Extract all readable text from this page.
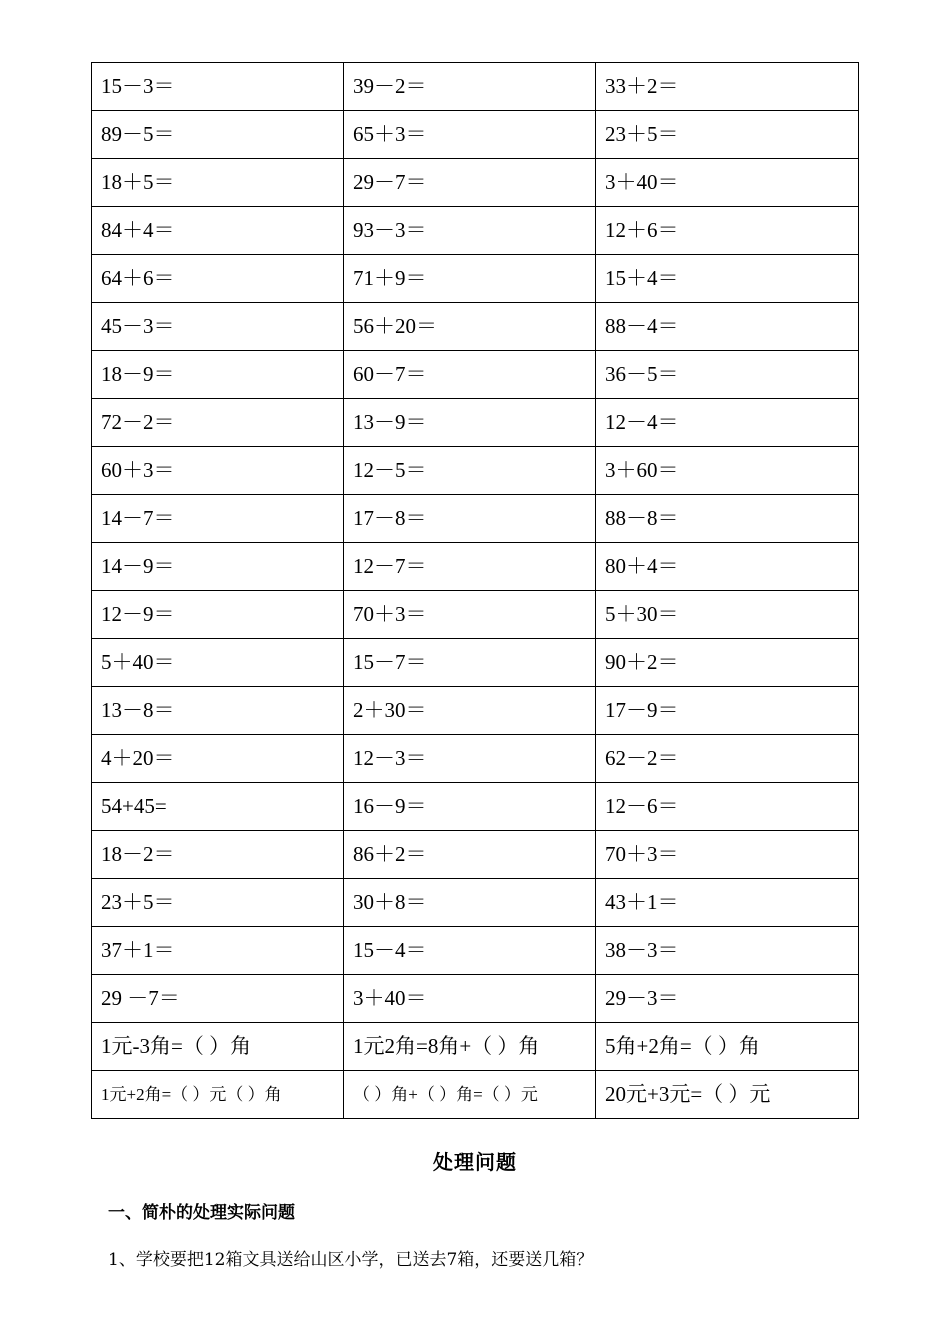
15－3＝	39－2＝	33＋2＝
89－5＝	65＋3＝	23＋5＝
18＋5＝	29－7＝	3＋40＝
84＋4＝	93－3＝	12＋6＝
64＋6＝	71＋9＝	15＋4＝
45－3＝	56＋20＝	88－4＝
18－9＝	60－7＝	36－5＝
72－2＝	13－9＝	12－4＝
60＋3＝	12－5＝	3＋60＝
14－7＝	17－8＝	88－8＝
14－9＝	12－7＝	80＋4＝
12－9＝	70＋3＝	5＋30＝
5＋40＝	15－7＝	90＋2＝
13－8＝	2＋30＝	17－9＝
4＋20＝	12－3＝	62－2＝
54+45=	16－9＝	12－6＝
18－2＝	86＋2＝	70＋3＝
23＋5＝	30＋8＝	43＋1＝
37＋1＝	15－4＝	38－3＝
29 －7＝	3＋40＝	29－3＝
1元-3角=（ ）角	1元2角=8角+（ ）角	5角+2角=（ ）角
1元+2角=（ ）元（ ）角	（ ）角+（ ）角=（ ）元	20元+3元=（ ）元
处理问题
一、简朴的处理实际问题
1、学校要把12箱文具送给山区小学，已送去7箱，还要送几箱？
